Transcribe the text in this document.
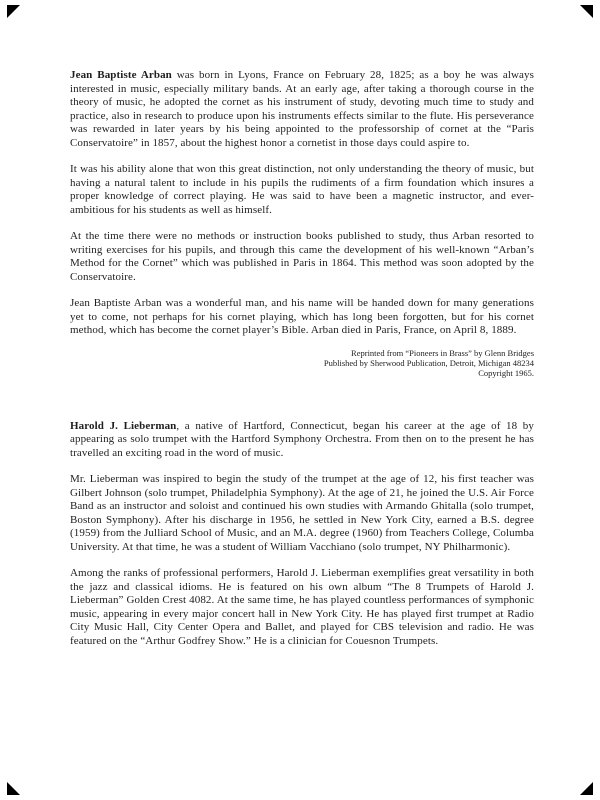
Jean Baptiste Arban was born in Lyons, France on February 28, 1825; as a boy he was always interested in music, especially military bands. At an early age, after taking a thorough course in the theory of music, he adopted the cornet as his instrument of study, devoting much time to study and practice, also in research to produce upon his instruments effects similar to the flute. His perseverance was rewarded in later years by his being appointed to the professorship of cornet at the “Paris Conservatoire” in 1857, about the highest honor a cornetist in those days could aspire to.

It was his ability alone that won this great distinction, not only understanding the theory of music, but having a natural talent to include in his pupils the rudiments of a firm foundation which insures a proper knowledge of correct playing. He was said to have been a magnetic instructor, and ever-ambitious for his students as well as himself.

At the time there were no methods or instruction books published to study, thus Arban resorted to writing exercises for his pupils, and through this came the development of his well-known “Arban’s Method for the Cornet” which was published in Paris in 1864. This method was soon adopted by the Conservatoire.

Jean Baptiste Arban was a wonderful man, and his name will be handed down for many generations yet to come, not perhaps for his cornet playing, which has long been forgotten, but for his cornet method, which has become the cornet player’s Bible. Arban died in Paris, France, on April 8, 1889.

Reprinted from “Pioneers in Brass” by Glenn Bridges
Published by Sherwood Publication, Detroit, Michigan 48234
Copyright 1965.

Harold J. Lieberman, a native of Hartford, Connecticut, began his career at the age of 18 by appearing as solo trumpet with the Hartford Symphony Orchestra. From then on to the present he has travelled an exciting road in the word of music.

Mr. Lieberman was inspired to begin the study of the trumpet at the age of 12, his first teacher was Gilbert Johnson (solo trumpet, Philadelphia Symphony). At the age of 21, he joined the U.S. Air Force Band as an instructor and soloist and continued his own studies with Armando Ghitalla (solo trumpet, Boston Symphony). After his discharge in 1956, he settled in New York City, earned a B.S. degree (1959) from the Julliard School of Music, and an M.A. degree (1960) from Teachers College, Columba University. At that time, he was a student of William Vacchiano (solo trumpet, NY Philharmonic).

Among the ranks of professional performers, Harold J. Lieberman exemplifies great versatility in both the jazz and classical idioms. He is featured on his own album “The 8 Trumpets of Harold J. Lieberman” Golden Crest 4082. At the same time, he has played countless performances of symphonic music, appearing in every major concert hall in New York City. He has played first trumpet at Radio City Music Hall, City Center Opera and Ballet, and played for CBS television and radio. He was featured on the “Arthur Godfrey Show.” He is a clinician for Couesnon Trumpets.
